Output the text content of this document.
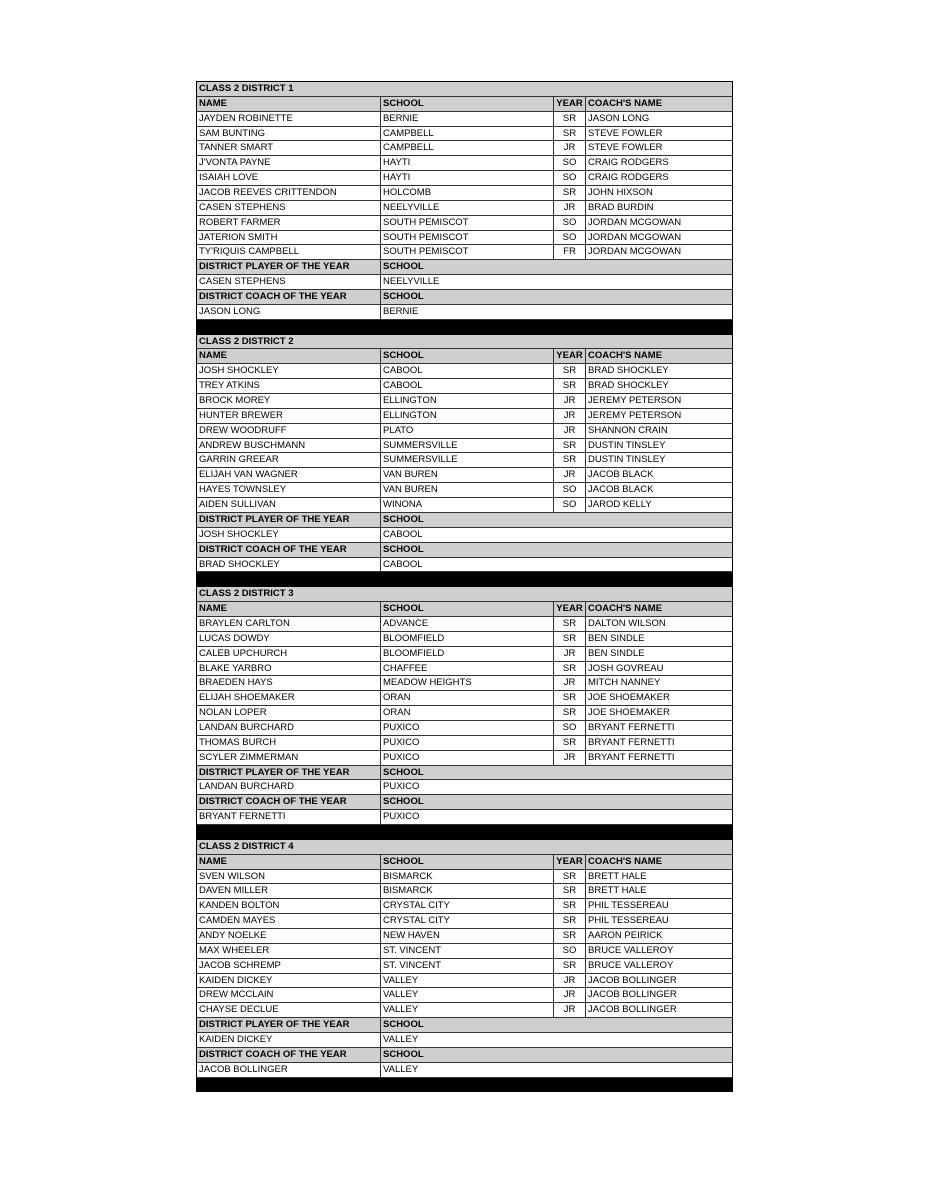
CLASS 2 DISTRICT 1
NAME	SCHOOL	YEAR COACH'S NAME
JAYDEN ROBINETTE	BERNIE	SR	JASON LONG
SAM BUNTING	CAMPBELL	SR	STEVE FOWLER
TANNER SMART	CAMPBELL	JR	STEVE FOWLER
J'VONTA PAYNE	HAYTI	SO	CRAIG RODGERS
ISAIAH LOVE	HAYTI	SO	CRAIG RODGERS
JACOB REEVES CRITTENDON	HOLCOMB	SR	JOHN HIXSON
CASEN STEPHENS	NEELYVILLE	JR	BRAD BURDIN
ROBERT FARMER	SOUTH PEMISCOT	SO	JORDAN MCGOWAN
JATERION SMITH	SOUTH PEMISCOT	SO	JORDAN MCGOWAN
TY'RIQUIS CAMPBELL	SOUTH PEMISCOT	FR	JORDAN MCGOWAN
DISTRICT PLAYER OF THE YEAR	SCHOOL
CASEN STEPHENS	NEELYVILLE
DISTRICT COACH OF THE YEAR	SCHOOL
JASON LONG	BERNIE
CLASS 2 DISTRICT 2
NAME	SCHOOL	YEAR COACH'S NAME
JOSH SHOCKLEY	CABOOL	SR	BRAD SHOCKLEY
TREY ATKINS	CABOOL	SR	BRAD SHOCKLEY
BROCK MOREY	ELLINGTON	JR	JEREMY PETERSON
HUNTER BREWER	ELLINGTON	JR	JEREMY PETERSON
DREW WOODRUFF	PLATO	JR	SHANNON CRAIN
ANDREW BUSCHMANN	SUMMERSVILLE	SR	DUSTIN TINSLEY
GARRIN GREEAR	SUMMERSVILLE	SR	DUSTIN TINSLEY
ELIJAH VAN WAGNER	VAN BUREN	JR	JACOB BLACK
HAYES TOWNSLEY	VAN BUREN	SO	JACOB BLACK
AIDEN SULLIVAN	WINONA	SO	JAROD KELLY
DISTRICT PLAYER OF THE YEAR	SCHOOL
JOSH SHOCKLEY	CABOOL
DISTRICT COACH OF THE YEAR	SCHOOL
BRAD SHOCKLEY	CABOOL
CLASS 2 DISTRICT 3
NAME	SCHOOL	YEAR COACH'S NAME
BRAYLEN CARLTON	ADVANCE	SR	DALTON WILSON
LUCAS DOWDY	BLOOMFIELD	SR	BEN SINDLE
CALEB UPCHURCH	BLOOMFIELD	JR	BEN SINDLE
BLAKE YARBRO	CHAFFEE	SR	JOSH GOVREAU
BRAEDEN HAYS	MEADOW HEIGHTS	JR	MITCH NANNEY
ELIJAH SHOEMAKER	ORAN	SR	JOE SHOEMAKER
NOLAN LOPER	ORAN	SR	JOE SHOEMAKER
LANDAN BURCHARD	PUXICO	SO	BRYANT FERNETTI
THOMAS BURCH	PUXICO	SR	BRYANT FERNETTI
SCYLER ZIMMERMAN	PUXICO	JR	BRYANT FERNETTI
DISTRICT PLAYER OF THE YEAR	SCHOOL
LANDAN BURCHARD	PUXICO
DISTRICT COACH OF THE YEAR	SCHOOL
BRYANT FERNETTI	PUXICO
CLASS 2 DISTRICT 4
NAME	SCHOOL	YEAR COACH'S NAME
SVEN WILSON	BISMARCK	SR	BRETT HALE
DAVEN MILLER	BISMARCK	SR	BRETT HALE
KANDEN BOLTON	CRYSTAL CITY	SR	PHIL TESSEREAU
CAMDEN MAYES	CRYSTAL CITY	SR	PHIL TESSEREAU
ANDY NOELKE	NEW HAVEN	SR	AARON PEIRICK
MAX WHEELER	ST. VINCENT	SO	BRUCE VALLEROY
JACOB SCHREMP	ST. VINCENT	SR	BRUCE VALLEROY
KAIDEN DICKEY	VALLEY	JR	JACOB BOLLINGER
DREW MCCLAIN	VALLEY	JR	JACOB BOLLINGER
CHAYSE DECLUE	VALLEY	JR	JACOB BOLLINGER
DISTRICT PLAYER OF THE YEAR	SCHOOL
KAIDEN DICKEY	VALLEY
DISTRICT COACH OF THE YEAR	SCHOOL
JACOB BOLLINGER	VALLEY
